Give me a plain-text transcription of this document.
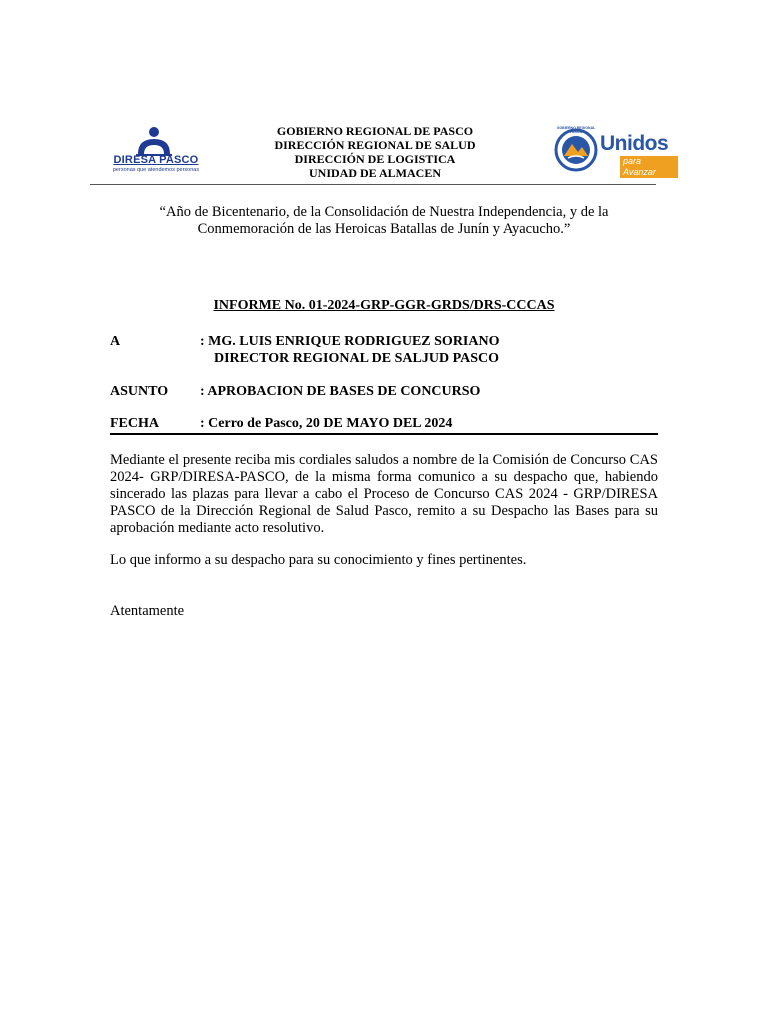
DIRESA PASCO
personas que atendemos personas
GOBIERNO REGIONAL DE PASCO
DIRECCIÓN REGIONAL DE SALUD
DIRECCIÓN DE LOGISTICA
UNIDAD DE ALMACEN
GOBIERNO REGIONAL PASCO Unidos
para Avanzar
“Año de Bicentenario, de la Consolidación de Nuestra Independencia, y de la Conmemoración de las Heroicas Batallas de Junín y Ayacucho.”
INFORME No. 01-2024-GRP-GGR-GRDS/DRS-CCCAS
A	: MG. LUIS ENRIQUE RODRIGUEZ SORIANO
DIRECTOR REGIONAL DE SALJUD PASCO
ASUNTO : APROBACION DE BASES DE CONCURSO
FECHA	: Cerro de Pasco, 20 DE MAYO DEL 2024
Mediante el presente reciba mis cordiales saludos a nombre de la Comisión de Concurso CAS 2024- GRP/DIRESA-PASCO, de la misma forma comunico a su despacho que, habiendo sincerado las plazas para llevar a cabo el Proceso de Concurso CAS 2024 - GRP/DIRESA PASCO de la Dirección Regional de Salud Pasco, remito a su Despacho las Bases para su aprobación mediante acto resolutivo.
Lo que informo a su despacho para su conocimiento y fines pertinentes.
Atentamente
